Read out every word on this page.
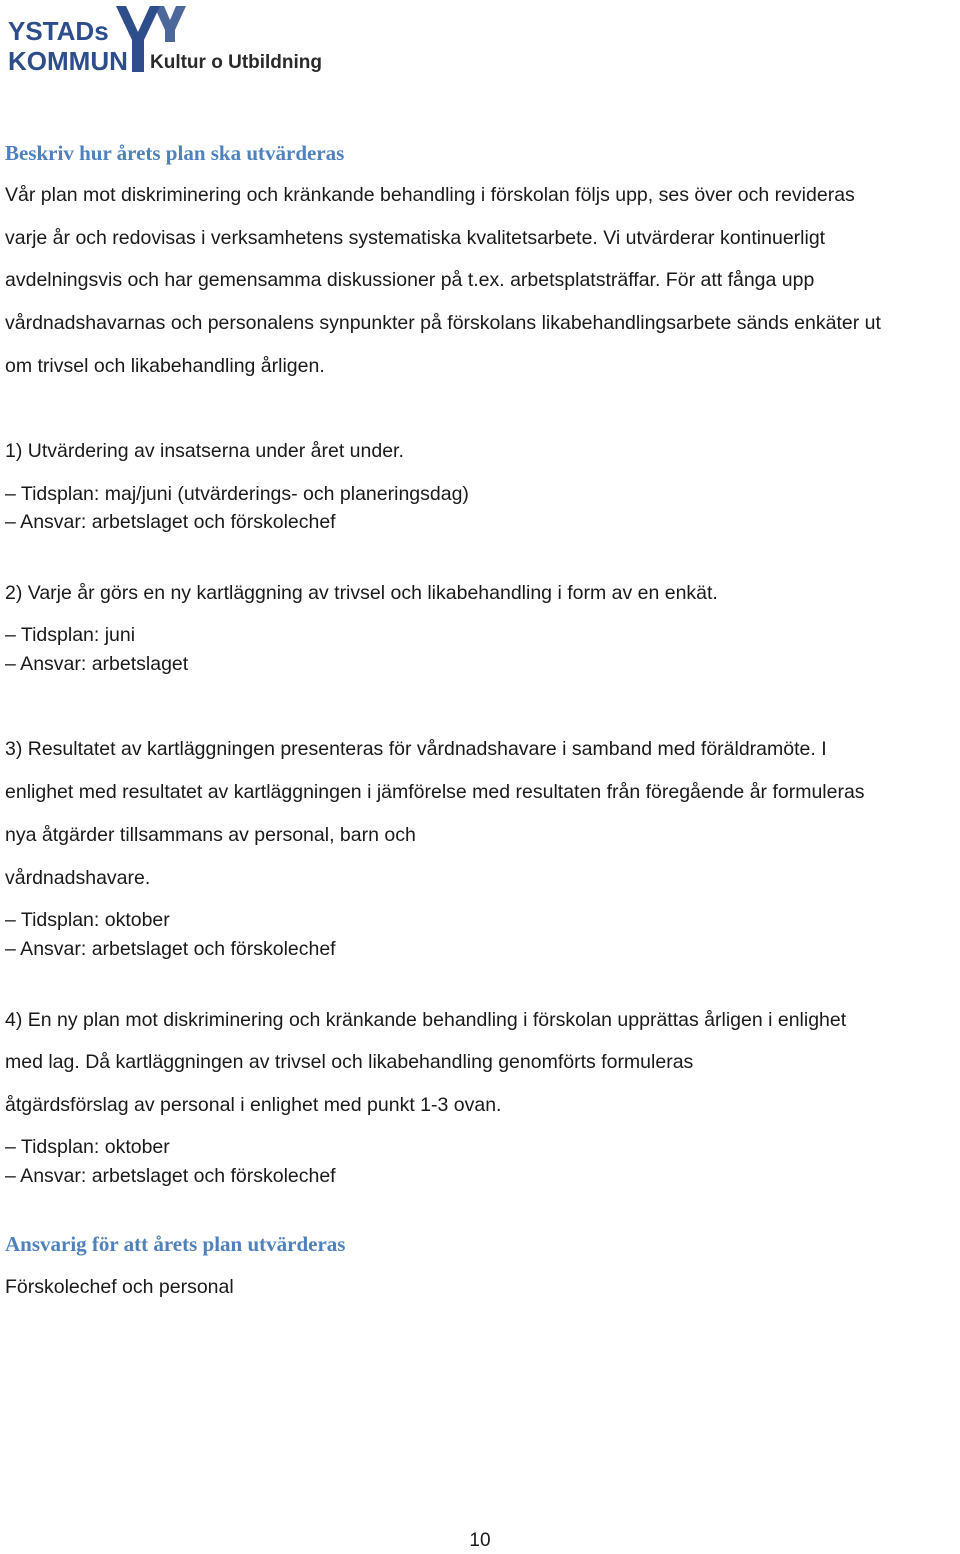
YSTADs
KOMMUN Kultur o Utbildning
Beskriv hur årets plan ska utvärderas
Vår plan mot diskriminering och kränkande behandling i förskolan följs upp, ses över och revideras
varje år och redovisas i verksamhetens systematiska kvalitetsarbete. Vi utvärderar kontinuerligt
avdelningsvis och har gemensamma diskussioner på t.ex. arbetsplatsträffar. För att fånga upp
vårdnadshavarnas och personalens synpunkter på förskolans likabehandlingsarbete sänds enkäter ut
om trivsel och likabehandling årligen.
1) Utvärdering av insatserna under året under.
– Tidsplan: maj/juni (utvärderings- och planeringsdag)
– Ansvar: arbetslaget och förskolechef
2) Varje år görs en ny kartläggning av trivsel och likabehandling i form av en enkät.
– Tidsplan: juni
– Ansvar: arbetslaget
3) Resultatet av kartläggningen presenteras för vårdnadshavare i samband med föräldramöte. I
enlighet med resultatet av kartläggningen i jämförelse med resultaten från föregående år formuleras
nya åtgärder tillsammans av personal, barn och
vårdnadshavare.
– Tidsplan: oktober
– Ansvar: arbetslaget och förskolechef
4) En ny plan mot diskriminering och kränkande behandling i förskolan upprättas årligen i enlighet
med lag. Då kartläggningen av trivsel och likabehandling genomförts formuleras
åtgärdsförslag av personal i enlighet med punkt 1-3 ovan.
– Tidsplan: oktober
– Ansvar: arbetslaget och förskolechef
Ansvarig för att årets plan utvärderas
Förskolechef och personal
10
